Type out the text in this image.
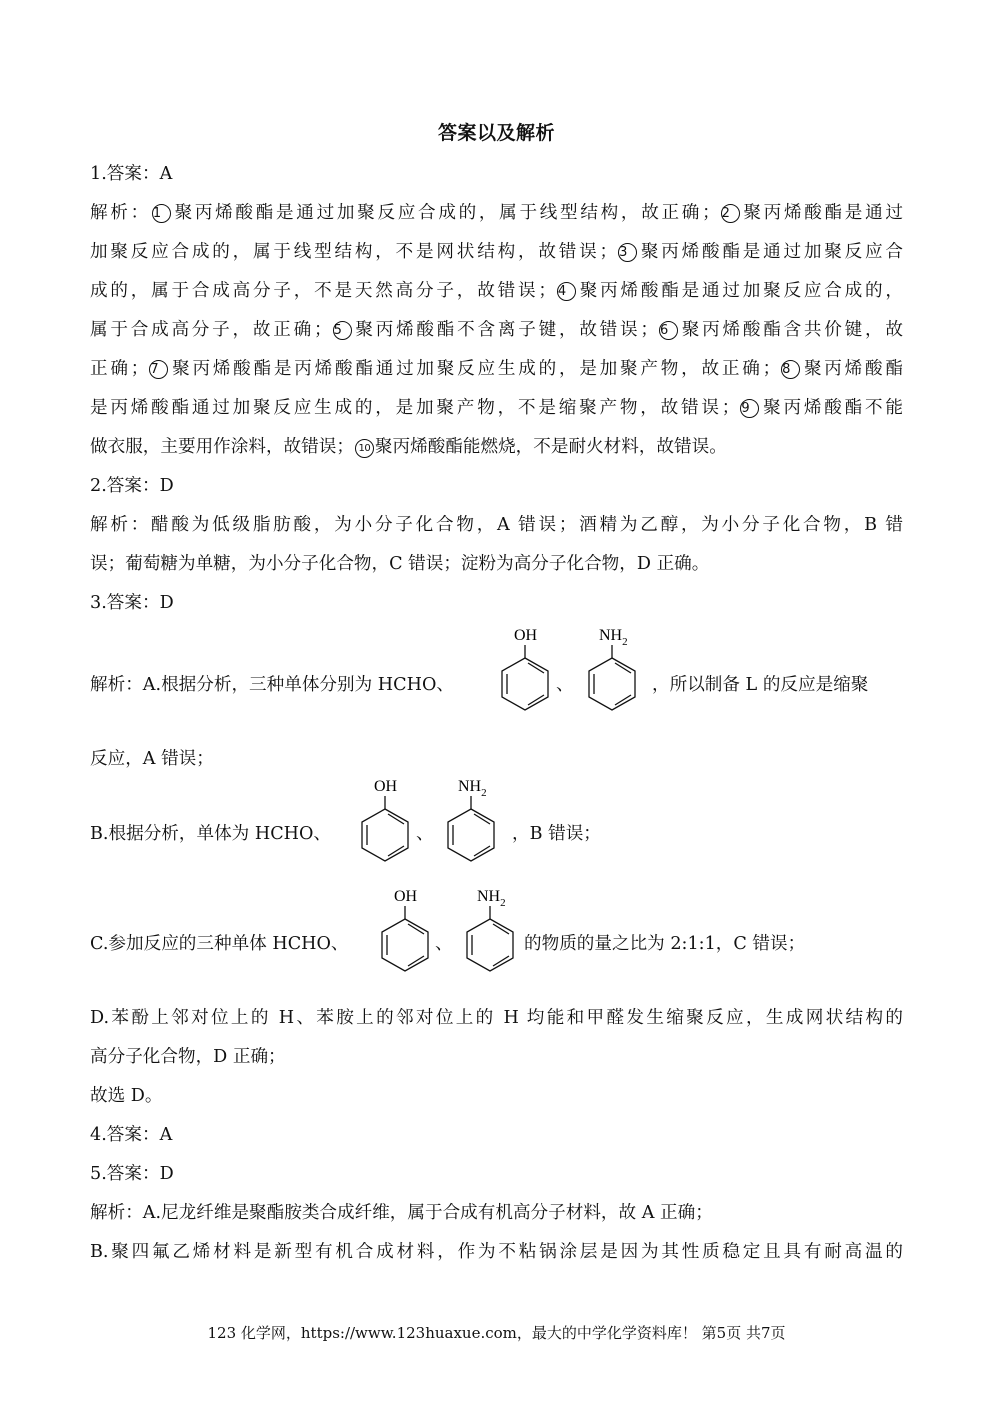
答案以及解析
1.答案：A
解析： 1 聚丙烯酸酯是通过加聚反应合成的，属于线型结构，故正确； 2 聚丙烯酸酯是通过
加聚反应合成的，属于线型结构，不是网状结构，故错误； 3 聚丙烯酸酯是通过加聚反应合
成的，属于合成高分子，不是天然高分子，故错误； 4 聚丙烯酸酯是通过加聚反应合成的，
属于合成高分子，故正确； 5 聚丙烯酸酯不含离子键，故错误； 6 聚丙烯酸酯含共价键，故
正确； 7 聚丙烯酸酯是丙烯酸酯通过加聚反应生成的，是加聚产物，故正确； 8 聚丙烯酸酯
是丙烯酸酯通过加聚反应生成的，是加聚产物，不是缩聚产物，故错误； 9 聚丙烯酸酯不能
做衣服，主要用作涂料，故错误； 10 聚丙烯酸酯能燃烧，不是耐火材料，故错误。
2.答案：D
解析：醋酸为低级脂肪酸，为小分子化合物，A 错误；酒精为乙醇，为小分子化合物，B 错
误；葡萄糖为单糖，为小分子化合物，C 错误；淀粉为高分子化合物，D 正确。
3.答案：D
解析：A.根据分析，三种单体分别为 HCHO、
OH
、
$NH_2$
，所以制备 L 的反应是缩聚
反应，A 错误；
B.根据分析，单体为 HCHO、
OH
、
$NH_2$
，B 错误；
C.参加反应的三种单体 HCHO、
OH
、
$NH_2$
的物质的量之比为 2:1:1，C 错误；
D.苯酚上邻对位上的 H、苯胺上的邻对位上的 H 均能和甲醛发生缩聚反应，生成网状结构的
高分子化合物，D 正确；
故选 D。
4.答案：A
5.答案：D
解析：A.尼龙纤维是聚酯胺类合成纤维，属于合成有机高分子材料，故 A 正确；
B.聚四氟乙烯材料是新型有机合成材料，作为不粘锅涂层是因为其性质稳定且具有耐高温的
123 化学网，https://www.123huaxue.com，最大的中学化学资料库！ 第5页 共7页
